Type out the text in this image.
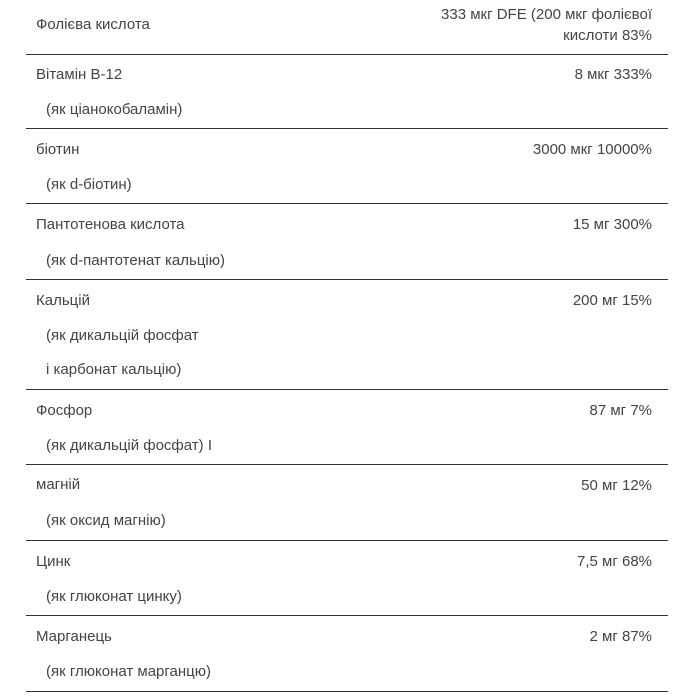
Фолієва кислота
333 мкг DFE (200 мкг фолієвої
кислоти 83%
Вітамін B-12
(як ціанокобаламін)
8 мкг 333%
біотин
(як d-біотин)
3000 мкг 10000%
Пантотенова кислота
(як d-пантотенат кальцію)
15 мг 300%
Кальцій
(як дикальцій фосфат
і карбонат кальцію)
200 мг 15%
Фосфор
(як дикальцій фосфат) І
87 мг 7%
магній
(як оксид магнію)
50 мг 12%
Цинк
(як глюконат цинку)
7,5 мг 68%
Марганець
(як глюконат марганцю)
2 мг 87%
